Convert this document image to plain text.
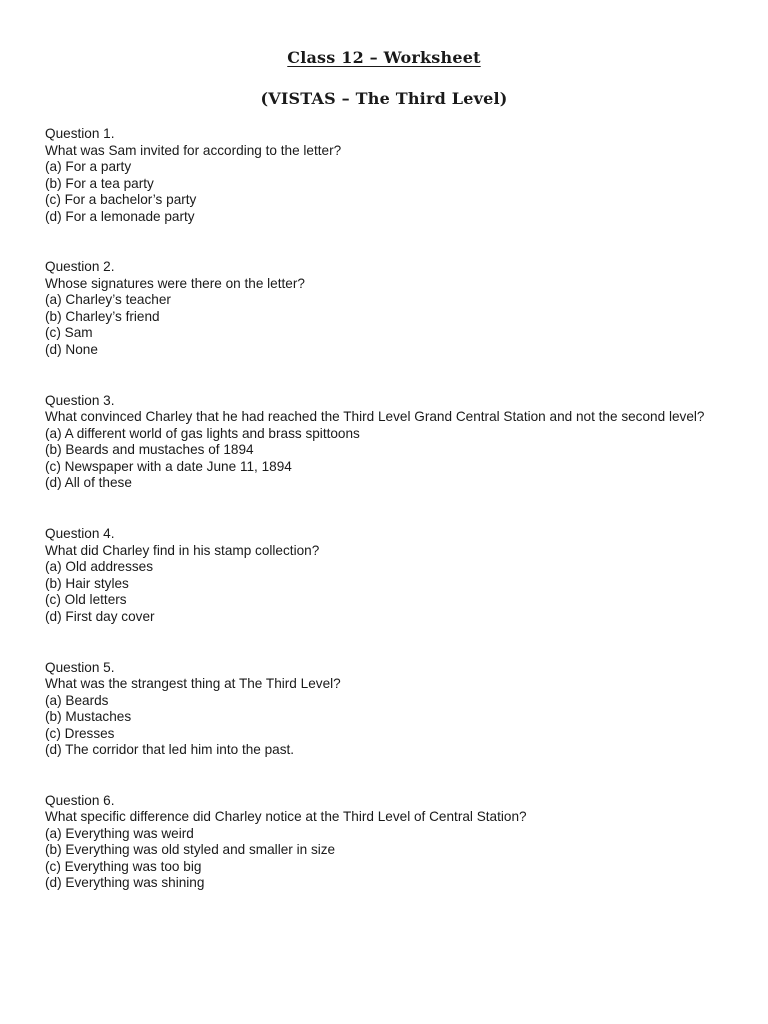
Class 12 – Worksheet
(VISTAS – The Third Level)

Question 1.

What was Sam invited for according to the letter?

(a) For a party
(b) For a tea party
(c) For a bachelor’s party
(d) For a lemonade party

Question 2.

Whose signatures were there on the letter?

(a) Charley’s teacher
(b) Charley’s friend
(c) Sam
(d) None

Question 3.

What convinced Charley that he had reached the Third Level Grand Central Station and not the second level?

(a) A different world of gas lights and brass spittoons
(b) Beards and mustaches of 1894
(c) Newspaper with a date June 11, 1894
(d) All of these

Question 4.

What did Charley find in his stamp collection?

(a) Old addresses
(b) Hair styles
(c) Old letters
(d) First day cover

Question 5.

What was the strangest thing at The Third Level?

(a) Beards
(b) Mustaches
(c) Dresses
(d) The corridor that led him into the past.

Question 6.

What specific difference did Charley notice at the Third Level of Central Station?

(a) Everything was weird
(b) Everything was old styled and smaller in size
(c) Everything was too big
(d) Everything was shining
